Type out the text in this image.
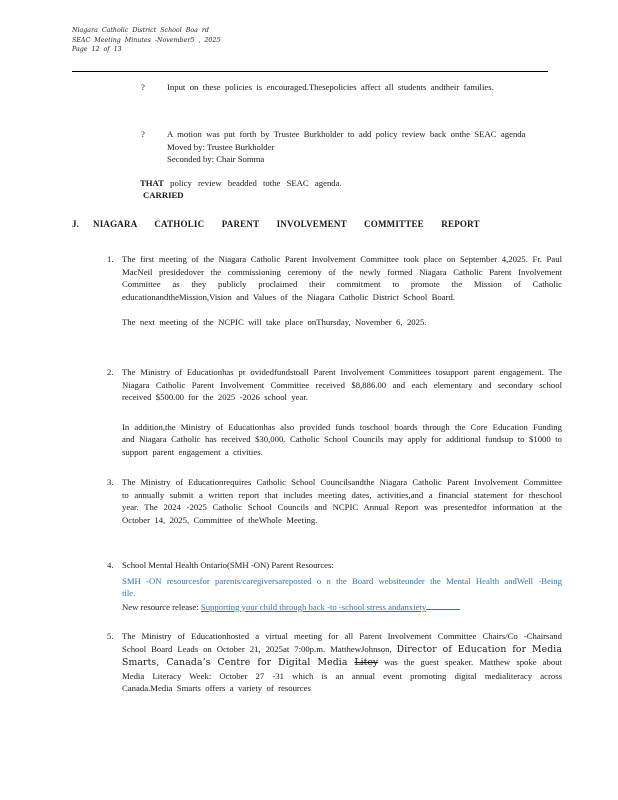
Niagara Catholic District School Boa rd
SEAC Meeting Minutes -November5 , 2025
Page 12 of 13
?	Input on these policies is encouraged.Thesepolicies affect all students andtheir families.
?	A motion was put forth by Trustee Burkholder to add policy review back onthe SEAC agenda
Moved by: Trustee Burkholder
Seconded by: Chair Somma
THAT policy review beadded tothe SEAC agenda.
CARRIED
J.	NIAGARA CATHOLIC PARENT INVOLVEMENT COMMITTEE REPORT
1. The first meeting of the Niagara Catholic Parent Involvement Committee took place on September 4,2025. Fr. Paul MacNeil presidedover the commissioning ceremony of the newly formed Niagara Catholic Parent Involvement Committee as they publicly proclaimed their commitment to promote the Mission of Catholic educationandtheMission,Vision and Values of the Niagara Catholic District School Board.
The next meeting of the NCPIC will take place onThursday, November 6, 2025.
2. The Ministry of Educationhas pr ovidedfundstoall Parent Involvement Committees tosupport parent engagement. The Niagara Catholic Parent Involvement Committee received $8,886.00 and each elementary and secondary school received $500.00 for the 2025 -2026 school year.
In addition,the Ministry of Educationhas also provided funds toschool boards through the Core Education Funding and Niagara Catholic has received $30,000. Catholic School Councils may apply for additional fundsup to $1000 to support parent engagement a ctivities.
3. The Ministry of Educationrequires Catholic School Councilsandthe Niagara Catholic Parent Involvement Committee to annually submit a written report that includes meeting dates, activities,and a financial statement for theschool year. The 2024 -2025 Catholic School Councils and NCPIC Annual Report was presentedfor information at the October 14, 2025, Committee of theWhole Meeting.
4. School Mental Health Ontario(SMH -ON) Parent Resources:
SMH -ON resourcesfor parents/caregiversareposted o n the Board websiteunder the Mental Health andWell -Being tile.
New resource release: Supporting your child through back -to -school stress andanxiety
5. The Ministry of Educationhosted a virtual meeting for all Parent Involvement Committee Chairs/Co -Chairsand School Board Leads on October 21, 2025at 7:00p.m. MatthewJohnson, Director of Education for Media Smarts, Canada’s Centre for Digital Media Litey was the guest speaker. Matthew spoke about Media Literacy Week: October 27 -31 which is an annual event promoting digital medialiteracy across Canada.Media Smarts offers a variety of resources
